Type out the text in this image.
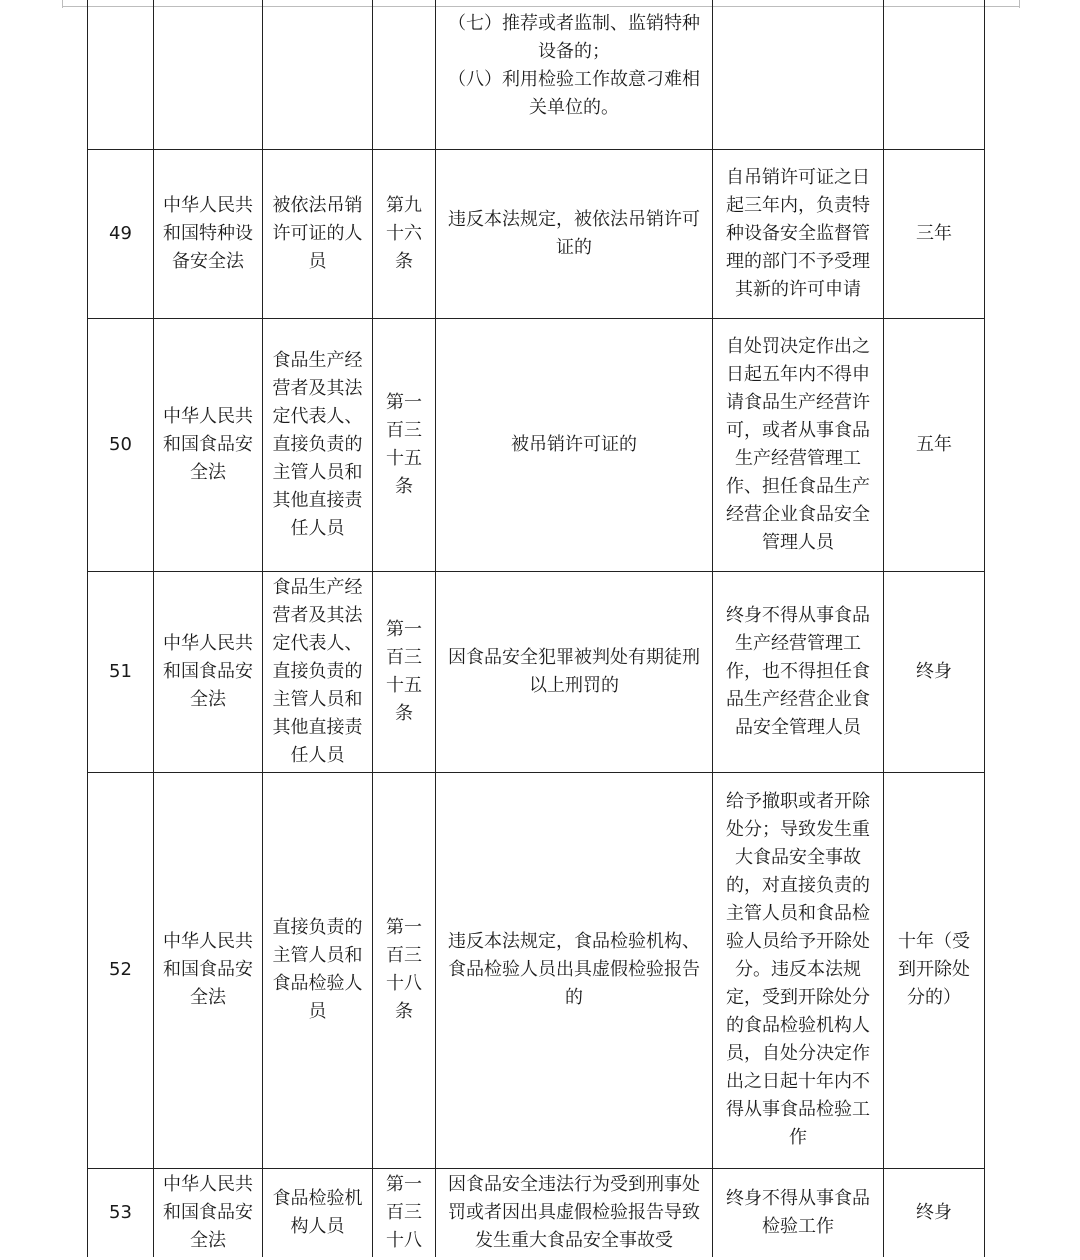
				（七）推荐或者监制、监销特种设备的；
（八）利用检验工作故意刁难相关单位的。		

49	中华人民共和国特种设备安全法	被依法吊销许可证的人员	第九十六条	违反本法规定，被依法吊销许可证的	自吊销许可证之日起三年内，负责特种设备安全监督管理的部门不予受理其新的许可申请	三年
50	中华人民共和国食品安全法	食品生产经营者及其法定代表人、直接负责的主管人员和其他直接责任人员	第一百三十五条	被吊销许可证的	自处罚决定作出之日起五年内不得申请食品生产经营许可，或者从事食品生产经营管理工作、担任食品生产经营企业食品安全管理人员	五年
51	中华人民共和国食品安全法	食品生产经营者及其法定代表人、直接负责的主管人员和其他直接责任人员	第一百三十五条	因食品安全犯罪被判处有期徒刑以上刑罚的	终身不得从事食品生产经营管理工作，也不得担任食品生产经营企业食品安全管理人员	终身
52	中华人民共和国食品安全法	直接负责的主管人员和食品检验人员	第一百三十八条	违反本法规定，食品检验机构、食品检验人员出具虚假检验报告的	给予撤职或者开除处分；导致发生重大食品安全事故的，对直接负责的主管人员和食品检验人员给予开除处分。违反本法规定，受到开除处分的食品检验机构人员，自处分决定作出之日起十年内不得从事食品检验工作	十年（受到开除处分的）
53	中华人民共和国食品安全法	食品检验机构人员	第一百三十八	因食品安全违法行为受到刑事处罚或者因出具虚假检验报告导致发生重大食品安全事故受	终身不得从事食品检验工作	终身
